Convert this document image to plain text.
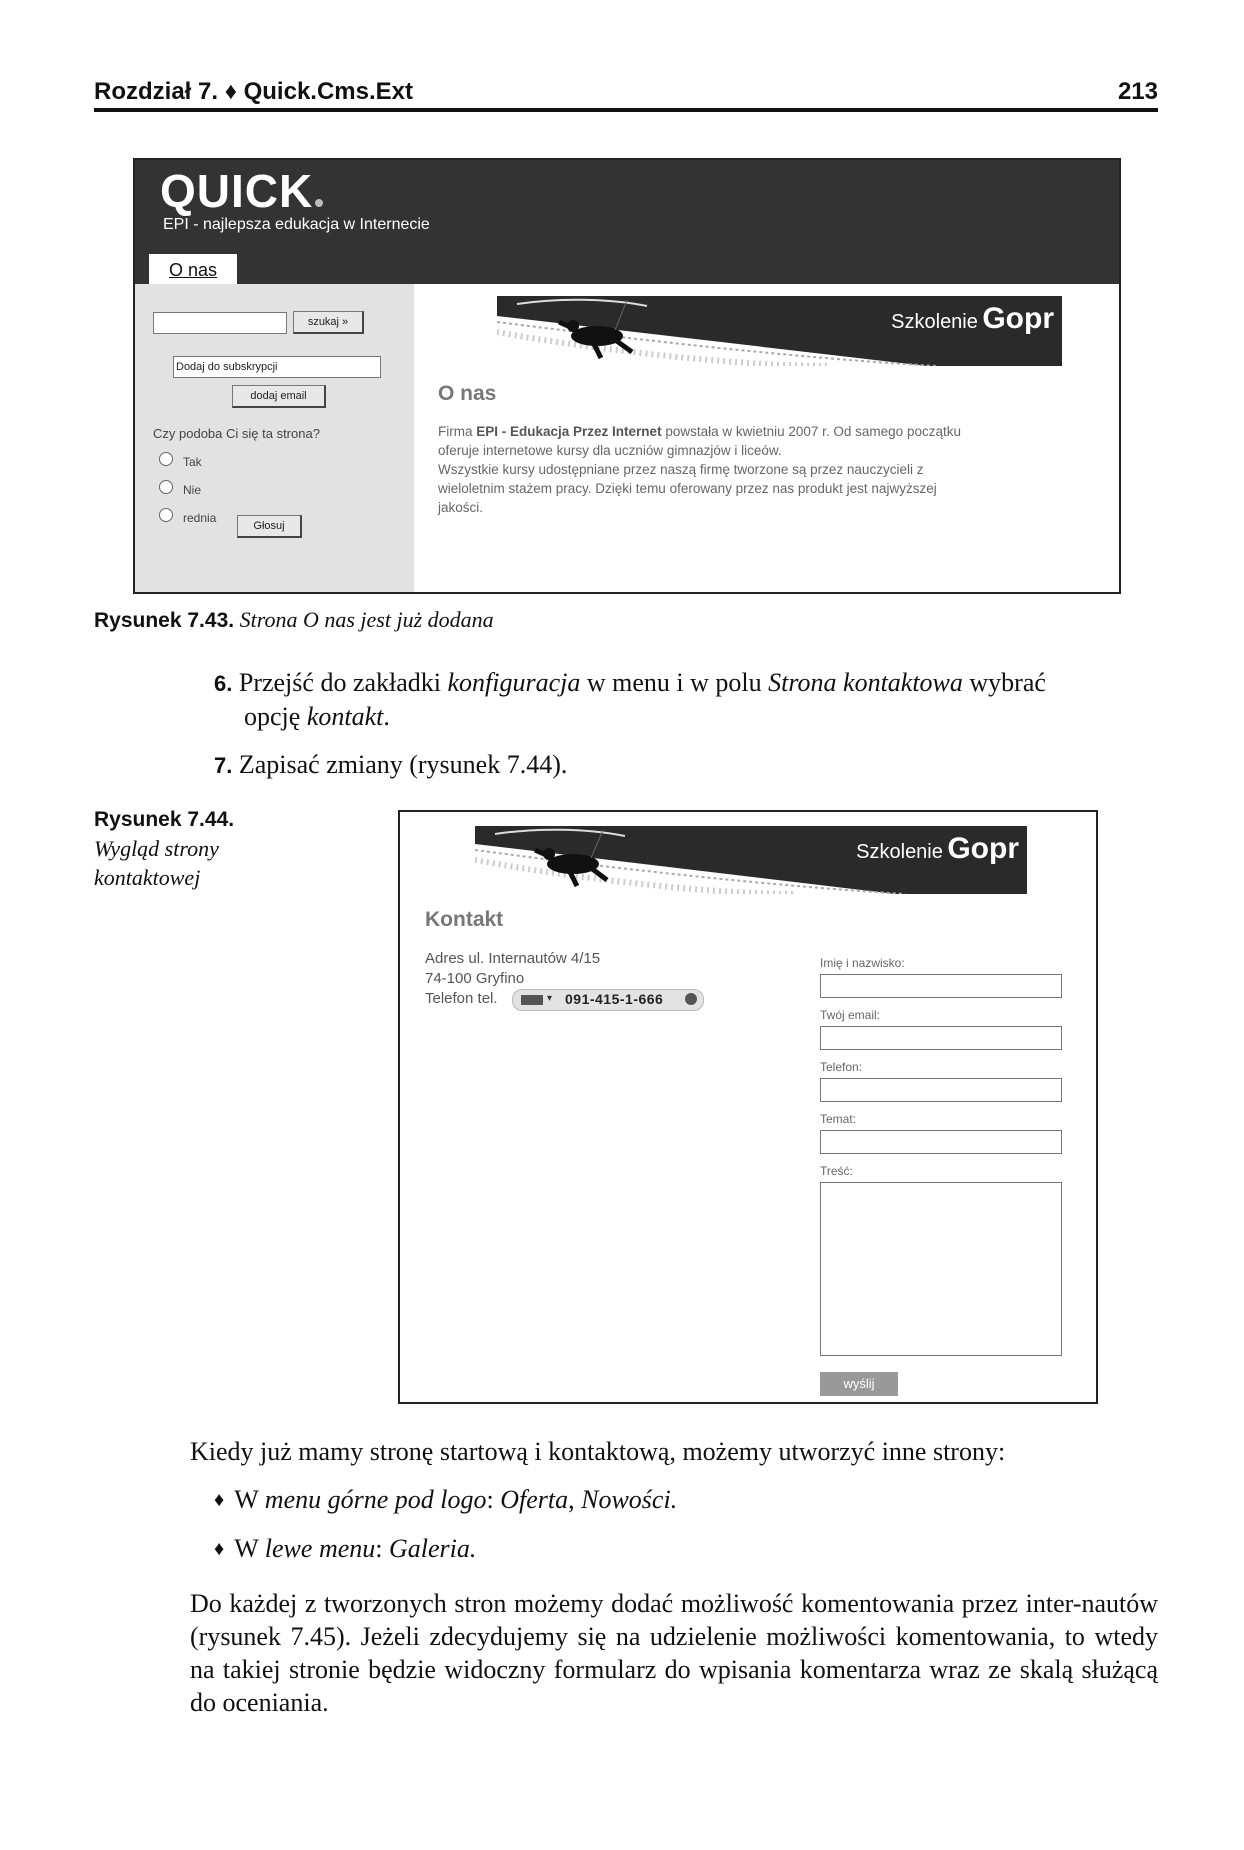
Rozdział 7. ♦ Quick.Cms.Ext	213
QUICK
EPI - najlepsza edukacja w Internecie
O nas
szukaj »
Dodaj do subskrypcji
dodaj email
Czy podoba Ci się ta strona?
Tak
Nie
rednia
Głosuj
Szkolenie Gopr
O nas

Firma EPI - Edukacja Przez Internet powstała w kwietniu 2007 r. Od samego początku

oferuje internetowe kursy dla uczniów gimnazjów i liceów.

Wszystkie kursy udostępniane przez naszą firmę tworzone są przez nauczycieli z

wieloletnim stażem pracy. Dzięki temu oferowany przez nas produkt jest najwyższej

jakości.

Rysunek 7.43. Strona O nas jest już dodana
6. Przejść do zakładki konfiguracja w menu i w polu Strona kontaktowa wybrać
opcję kontakt.
7. Zapisać zmiany (rysunek 7.44).
Rysunek 7.44.
Wygląd strony
kontaktowej
Szkolenie Gopr
Kontakt
Adres ul. Internautów 4/15
74-100 Gryfino
Telefon tel.	▾ 091-415-1-666
Imię i nazwisko:
Twój email:
Telefon:
Temat:
Treść:
wyślij
Kiedy już mamy stronę startową i kontaktową, możemy utworzyć inne strony:
♦ W menu górne pod logo: Oferta, Nowości.
♦ W lewe menu: Galeria.
Do każdej z tworzonych stron możemy dodać możliwość komentowania przez inter-nautów (rysunek 7.45). Jeżeli zdecydujemy się na udzielenie możliwości komentowania, to wtedy na takiej stronie będzie widoczny formularz do wpisania komentarza wraz ze skalą służącą do oceniania.
